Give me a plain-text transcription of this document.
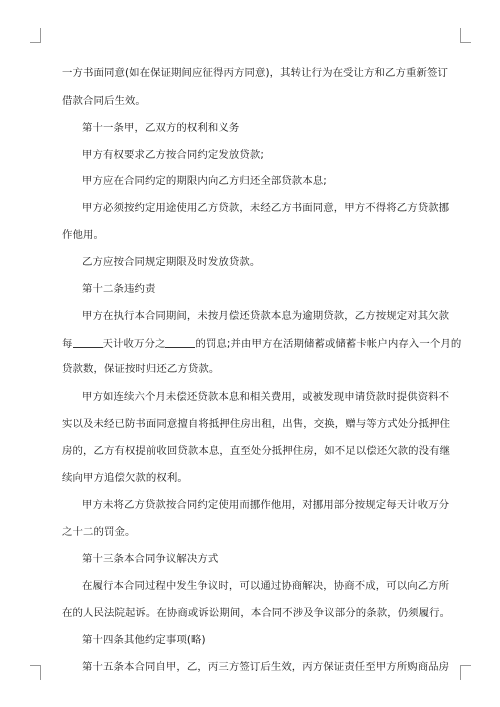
一方书面同意(如在保证期间应征得丙方同意)，其转让行为在受让方和乙方重新签订
借款合同后生效。
第十一条甲，乙双方的权利和义务
甲方有权要求乙方按合同约定发放贷款;
甲方应在合同约定的期限内向乙方归还全部贷款本息;
甲方必须按约定用途使用乙方贷款，未经乙方书面同意，甲方不得将乙方贷款挪
作他用。
乙方应按合同规定期限及时发放贷款。
第十二条违约责
甲方在执行本合同期间，未按月偿还贷款本息为逾期贷款，乙方按规定对其欠款
每	天计收万分之	的罚息;并由甲方在活期储蓄或储蓄卡帐户内存入一个月的
贷款数，保证按时归还乙方贷款。
甲方如连续六个月未偿还贷款本息和相关费用，或被发现申请贷款时提供资料不
实以及未经已防书面同意擅自将抵押住房出租，出售，交换，赠与等方式处分抵押住
房的，乙方有权提前收回贷款本息，直至处分抵押住房，如不足以偿还欠款的没有继
续向甲方追偿欠款的权利。
甲方未将乙方贷款按合同约定使用而挪作他用，对挪用部分按规定每天计收万分
之十二的罚金。
第十三条本合同争议解决方式
在履行本合同过程中发生争议时，可以通过协商解决，协商不成，可以向乙方所
在的人民法院起诉。在协商或诉讼期间，本合同不涉及争议部分的条款，仍须履行。
第十四条其他约定事项(略)
第十五条本合同自甲，乙，丙三方签订后生效，丙方保证责任至甲方所购商品房
